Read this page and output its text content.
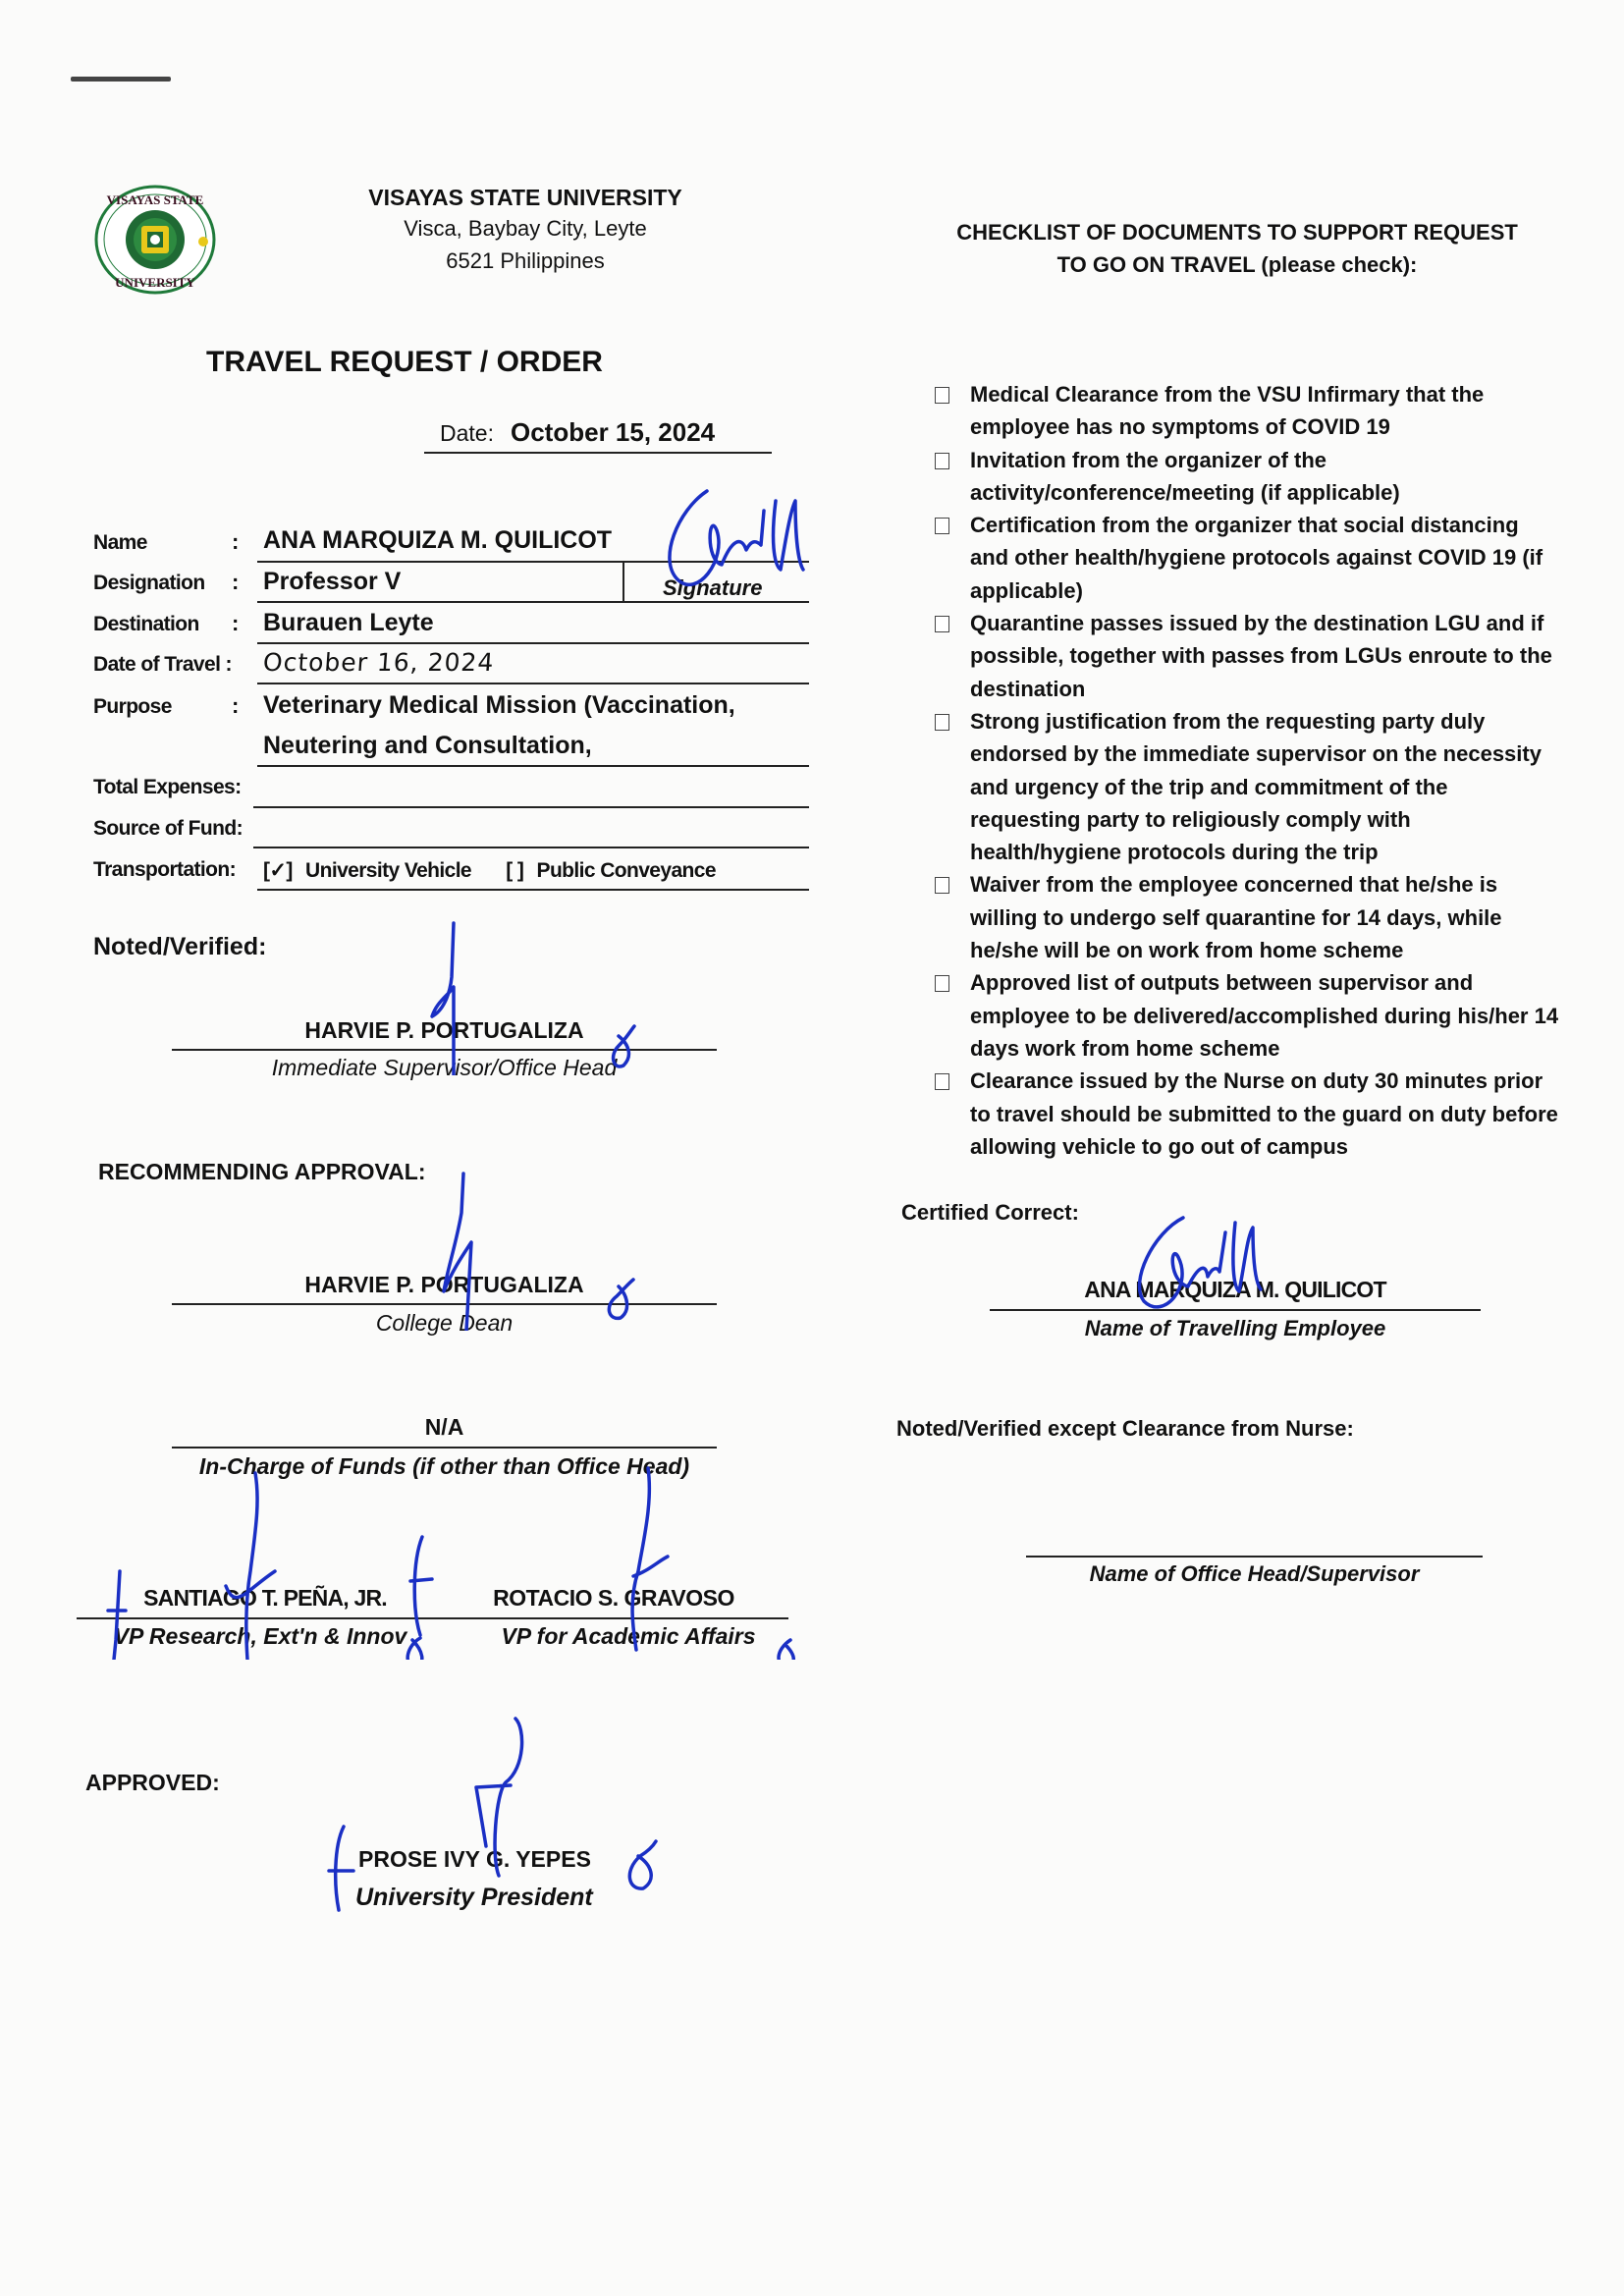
VISAYAS STATE
UNIVERSITY
VISAYAS STATE UNIVERSITY
Visca, Baybay City, Leyte
6521 Philippines
TRAVEL REQUEST / ORDER
Date: October 15, 2024
Name	: ANA MARQUIZA M. QUILICOT
Designation : Professor V	Signature
Destination : Burauen Leyte
Date of Travel : October 16, 2024
Purpose	: Veterinary Medical Mission (Vaccination,
Neutering and Consultation,
Total Expenses:
Source of Fund:
Transportation: [✓] University Vehicle [ ] Public Conveyance
Noted/Verified:
HARVIE P. PORTUGALIZA
Immediate Supervisor/Office Head
RECOMMENDING APPROVAL:
HARVIE P. PORTUGALIZA
College Dean
N/A
In-Charge of Funds (if other than Office Head)
SANTIAGO T. PEÑA, JR.	ROTACIO S. GRAVOSO
VP Research, Ext'n & Innov	VP for Academic Affairs
APPROVED:
PROSE IVY G. YEPES
University President
CHECKLIST OF DOCUMENTS TO SUPPORT REQUEST
TO GO ON TRAVEL (please check):
Medical Clearance from the VSU Infirmary that the employee has no symptoms of COVID 19
Invitation from the organizer of the activity/conference/meeting (if applicable)
Certification from the organizer that social distancing and other health/hygiene protocols against COVID 19 (if applicable)
Quarantine passes issued by the destination LGU and if possible, together with passes from LGUs enroute to the destination
Strong justification from the requesting party duly endorsed by the immediate supervisor on the necessity and urgency of the trip and commitment of the requesting party to religiously comply with health/hygiene protocols during the trip
Waiver from the employee concerned that he/she is willing to undergo self quarantine for 14 days, while he/she will be on work from home scheme
Approved list of outputs between supervisor and employee to be delivered/accomplished during his/her 14 days work from home scheme
Clearance issued by the Nurse on duty 30 minutes prior to travel should be submitted to the guard on duty before allowing vehicle to go out of campus
Certified Correct:
ANA MARQUIZA M. QUILICOT
Name of Travelling Employee
Noted/Verified except Clearance from Nurse:
Name of Office Head/Supervisor
